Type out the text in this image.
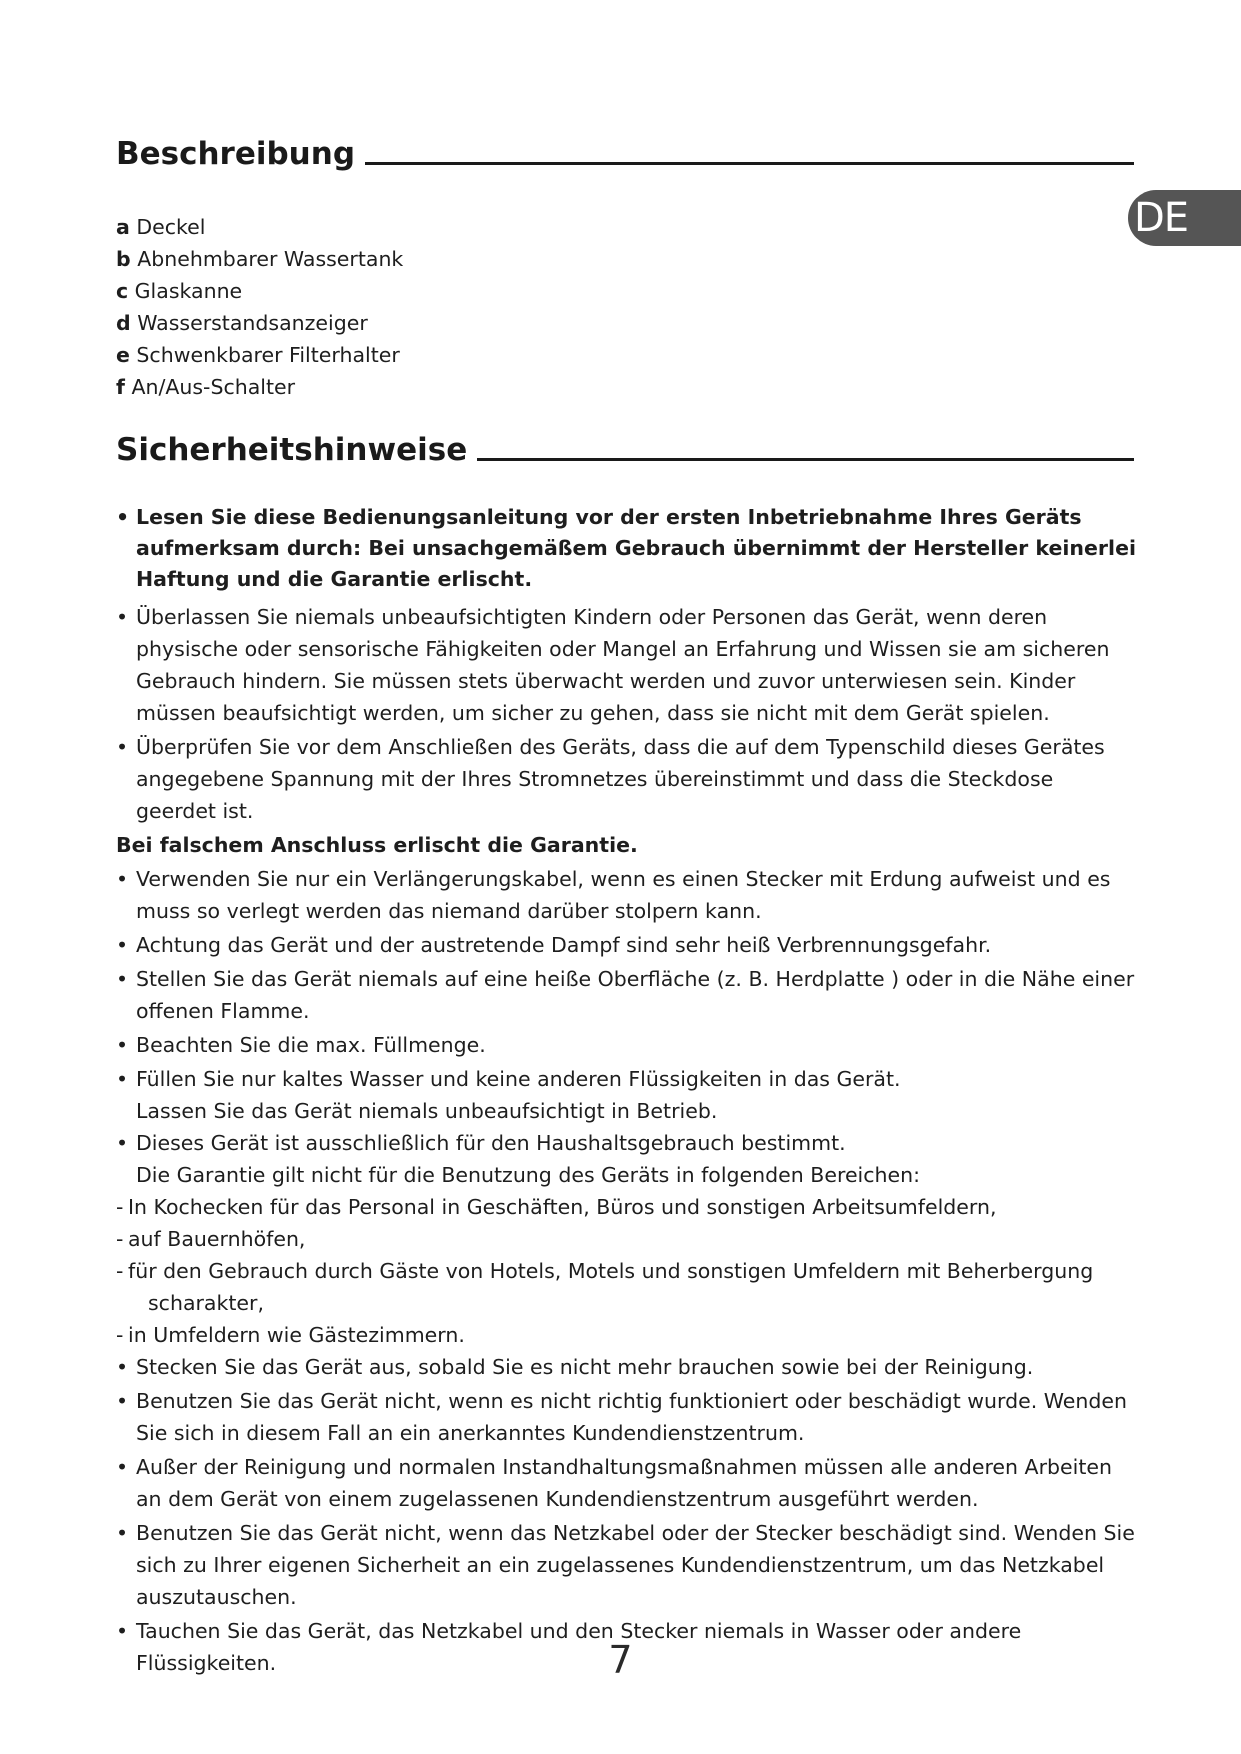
DE
Beschreibung
a Deckel
b Abnehmbarer Wassertank
c Glaskanne
d Wasserstandsanzeiger
e Schwenkbarer Filterhalter
f An/Aus-Schalter
Sicherheitshinweise
• Lesen Sie diese Bedienungsanleitung vor der ersten Inbetriebnahme Ihres Geräts
aufmerksam durch: Bei unsachgemäßem Gebrauch übernimmt der Hersteller keinerlei
Haftung und die Garantie erlischt.
• Überlassen Sie niemals unbeaufsichtigten Kindern oder Personen das Gerät, wenn deren physische oder sensorische Fähigkeiten oder Mangel an Erfahrung und Wissen sie am sicheren Gebrauch hindern. Sie müssen stets überwacht werden und zuvor unterwiesen sein. Kinder müssen beaufsichtigt werden, um sicher zu gehen, dass sie nicht mit dem Gerät spielen.
• Überprüfen Sie vor dem Anschließen des Geräts, dass die auf dem Typenschild dieses Gerätes angegebene Spannung mit der Ihres Stromnetzes übereinstimmt und dass die Steckdose geerdet ist.
Bei falschem Anschluss erlischt die Garantie.
• Verwenden Sie nur ein Verlängerungskabel, wenn es einen Stecker mit Erdung aufweist und es muss so verlegt werden das niemand darüber stolpern kann.
• Achtung das Gerät und der austretende Dampf sind sehr heiß Verbrennungsgefahr.
• Stellen Sie das Gerät niemals auf eine heiße Oberfläche (z. B. Herdplatte ) oder in die Nähe einer offenen Flamme.
• Beachten Sie die max. Füllmenge.
• Füllen Sie nur kaltes Wasser und keine anderen Flüssigkeiten in das Gerät.
Lassen Sie das Gerät niemals unbeaufsichtigt in Betrieb.
• Dieses Gerät ist ausschließlich für den Haushaltsgebrauch bestimmt.
Die Garantie gilt nicht für die Benutzung des Geräts in folgenden Bereichen:
- In Kochecken für das Personal in Geschäften, Büros und sonstigen Arbeitsumfeldern,
- auf Bauernhöfen,
- für den Gebrauch durch Gäste von Hotels, Motels und sonstigen Umfeldern mit Beherbergung
scharakter,
- in Umfeldern wie Gästezimmern.
• Stecken Sie das Gerät aus, sobald Sie es nicht mehr brauchen sowie bei der Reinigung.
• Benutzen Sie das Gerät nicht, wenn es nicht richtig funktioniert oder beschädigt wurde. Wenden Sie sich in diesem Fall an ein anerkanntes Kundendienstzentrum.
• Außer der Reinigung und normalen Instandhaltungsmaßnahmen müssen alle anderen Arbeiten an dem Gerät von einem zugelassenen Kundendienstzentrum ausgeführt werden.
• Benutzen Sie das Gerät nicht, wenn das Netzkabel oder der Stecker beschädigt sind. Wenden Sie sich zu Ihrer eigenen Sicherheit an ein zugelassenes Kundendienstzentrum, um das Netzkabel auszutauschen.
• Tauchen Sie das Gerät, das Netzkabel und den Stecker niemals in Wasser oder andere Flüssigkeiten.	7
